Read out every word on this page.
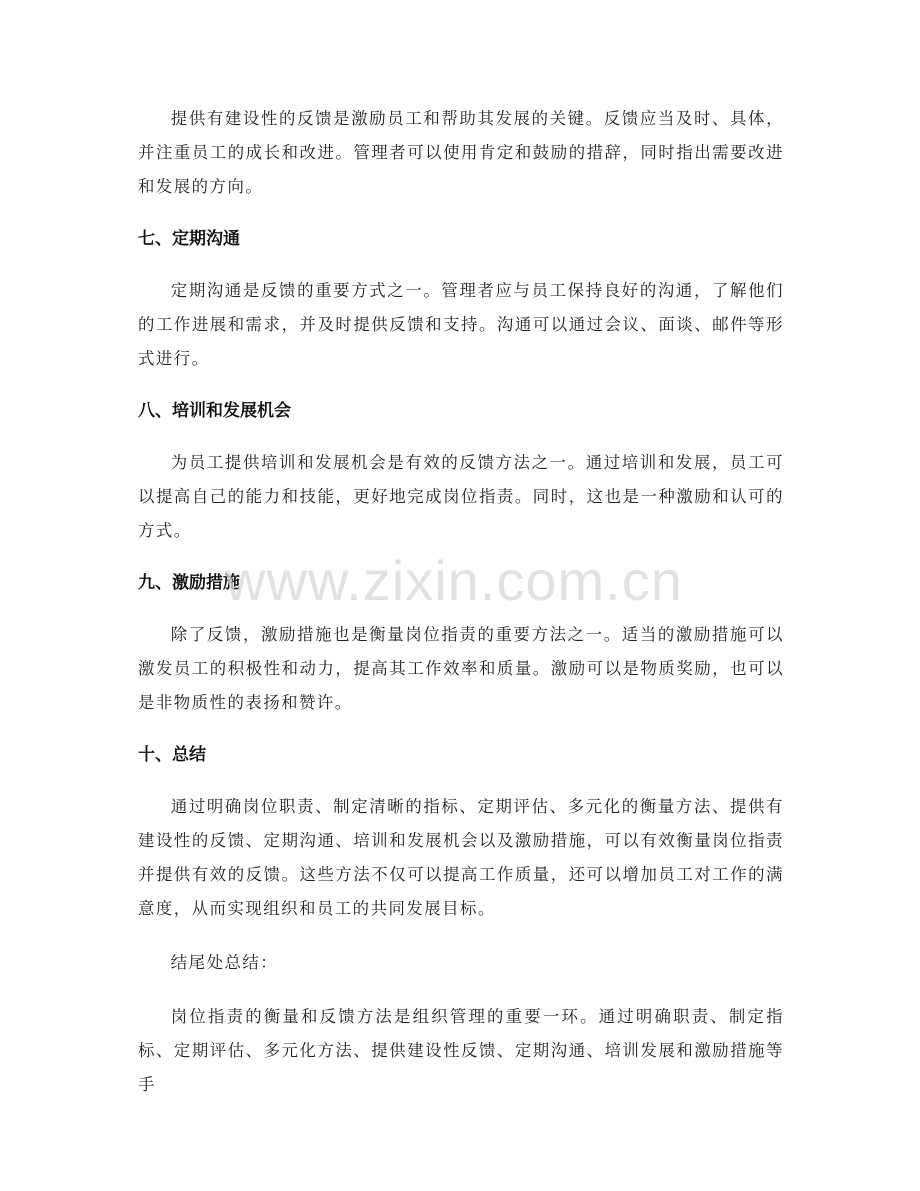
提供有建设性的反馈是激励员工和帮助其发展的关键。反馈应当及时、具体，并注重员工的成长和改进。管理者可以使用肯定和鼓励的措辞，同时指出需要改进和发展的方向。

七、定期沟通

定期沟通是反馈的重要方式之一。管理者应与员工保持良好的沟通，了解他们的工作进展和需求，并及时提供反馈和支持。沟通可以通过会议、面谈、邮件等形式进行。

八、培训和发展机会

为员工提供培训和发展机会是有效的反馈方法之一。通过培训和发展，员工可以提高自己的能力和技能，更好地完成岗位指责。同时，这也是一种激励和认可的方式。

九、激励措施

除了反馈，激励措施也是衡量岗位指责的重要方法之一。适当的激励措施可以激发员工的积极性和动力，提高其工作效率和质量。激励可以是物质奖励，也可以是非物质性的表扬和赞许。

十、总结

通过明确岗位职责、制定清晰的指标、定期评估、多元化的衡量方法、提供有建设性的反馈、定期沟通、培训和发展机会以及激励措施，可以有效衡量岗位指责并提供有效的反馈。这些方法不仅可以提高工作质量，还可以增加员工对工作的满意度，从而实现组织和员工的共同发展目标。

结尾处总结：

岗位指责的衡量和反馈方法是组织管理的重要一环。通过明确职责、制定指标、定期评估、多元化方法、提供建设性反馈、定期沟通、培训发展和激励措施等手

www.zixin.com.cn
